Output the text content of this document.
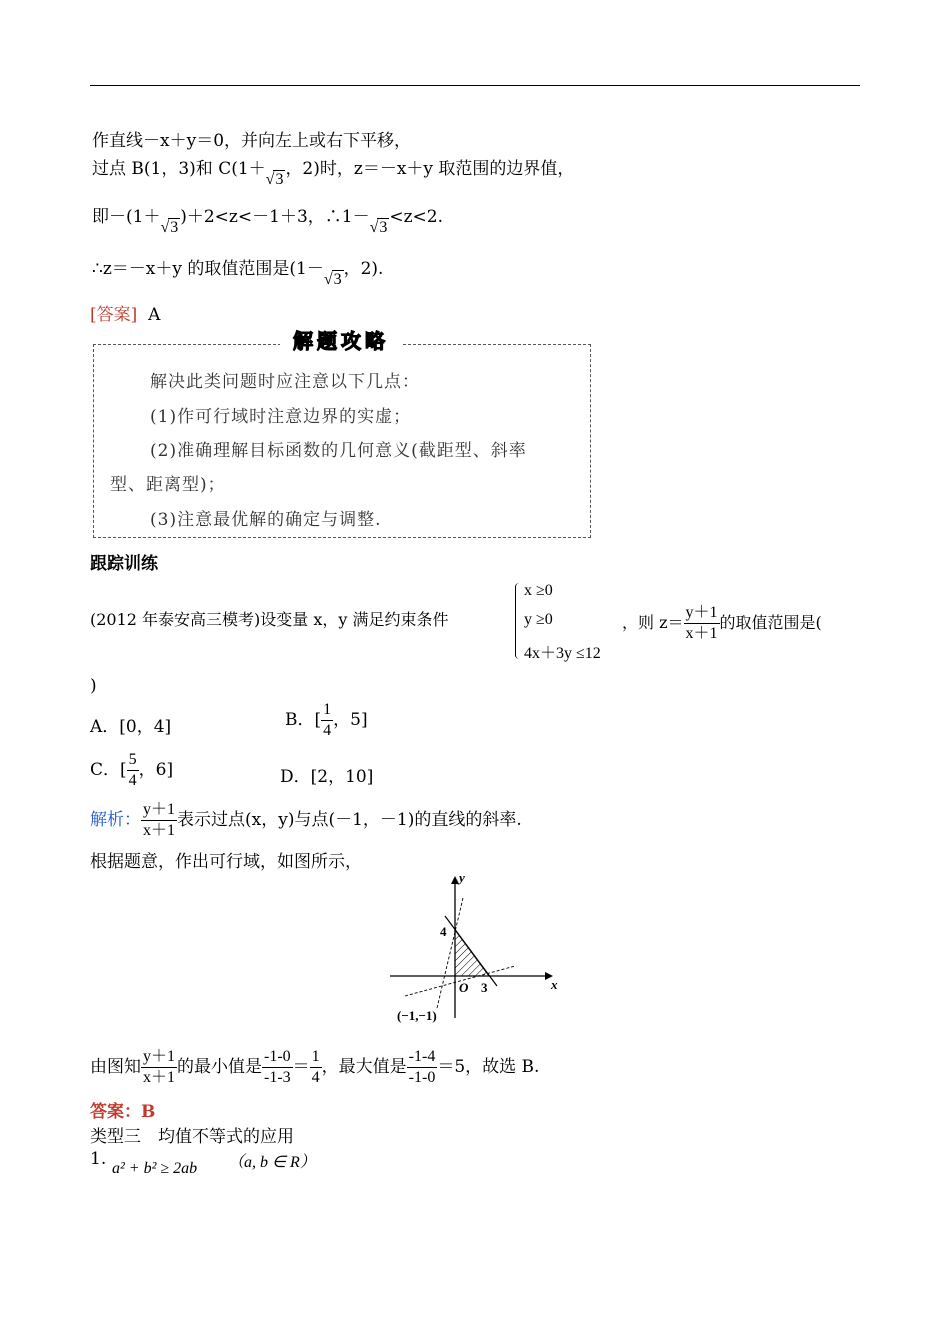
作直线－x＋y＝0，并向左上或右下平移，
过点 B(1，3)和 C(1＋√3，2)时，z＝－x＋y 取范围的边界值，
即－(1＋√3)＋2<z<－1＋3，∴1－√3<z<2.
∴z＝－x＋y 的取值范围是(1－√3，2).
[答案] A
解题攻略
解决此类问题时应注意以下几点：
(1)作可行域时注意边界的实虚；
(2)准确理解目标函数的几何意义(截距型、斜率
型、距离型)；
(3)注意最优解的确定与调整.
跟踪训练
(2012 年泰安高三模考)设变量 x，y 满足约束条件
x ≥0
y ≥0
4x＋3y ≤12
，则 $z= \frac{y+1}{x+1}$ 的取值范围是(
)
A．[0，4]	B．[ $\frac{1}{4}$ ，5]
C．[ $\frac{5}{4}$ ，6]	D．[2，10]
解析： $\frac{y+1}{x+1}$ 表示过点(x，y)与点(－1，－1)的直线的斜率.
根据题意，作出可行域，如图所示，
y
x
4
3
O
(−1,−1)
由图知 $\frac{y+1}{x+1}$ 的最小值是 $\frac{-1-0}{-1-3} = \frac{1}{4}$ ，最大值是 $\frac{-1-4}{-1-0} =5$，故选 B.
答案：B
类型三　均值不等式的应用
1. a² + b² ≥ 2ab （a, b ∈ R）
